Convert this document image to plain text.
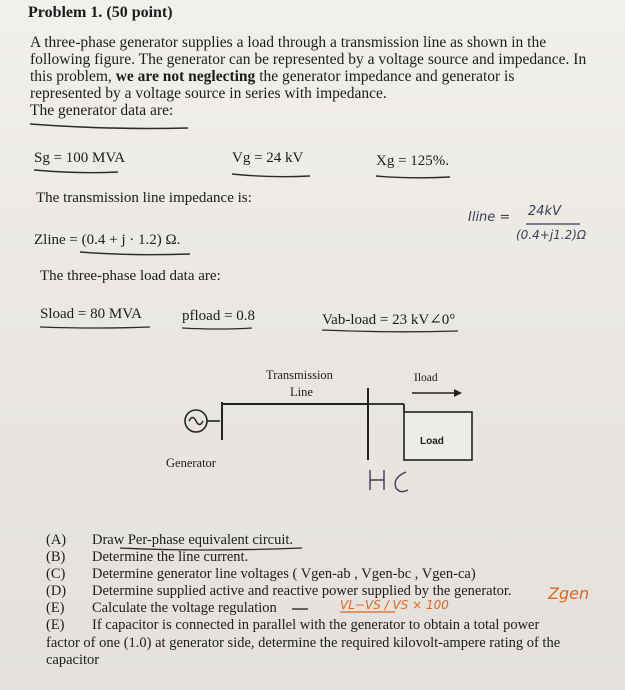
Problem 1. (50 point)

A three-phase generator supplies a load through a transmission line as shown in the

following figure. The generator can be represented by a voltage source and impedance. In

this problem, we are not neglecting the generator impedance and generator is

represented by a voltage source in series with impedance.

The generator data are:

Sg = 100 MVA	Vg = 24 kV	Xg = 125%.
The transmission line impedance is:
Zline = (0.4 + j · 1.2) Ω.
Iline = 24kV
(0.4+j1.2)Ω
The three-phase load data are:
Sload = 80 MVA	pfload = 0.8	Vab-load = 23 kV∠0°
Transmission
Line
Iload
Load
Generator
(A) Draw Per-phase equivalent circuit.
(B) Determine the line current.
(C) Determine generator line voltages ( Vgen-ab , Vgen-bc , Vgen-ca)
(D) Determine supplied active and reactive power supplied by the generator.
(E) Calculate the voltage regulation
(E) If capacitor is connected in parallel with the generator to obtain a total power
factor of one (1.0) at generator side, determine the required kilovolt-ampere rating of the
capacitor
VL−VS / VS × 100
Zgen
